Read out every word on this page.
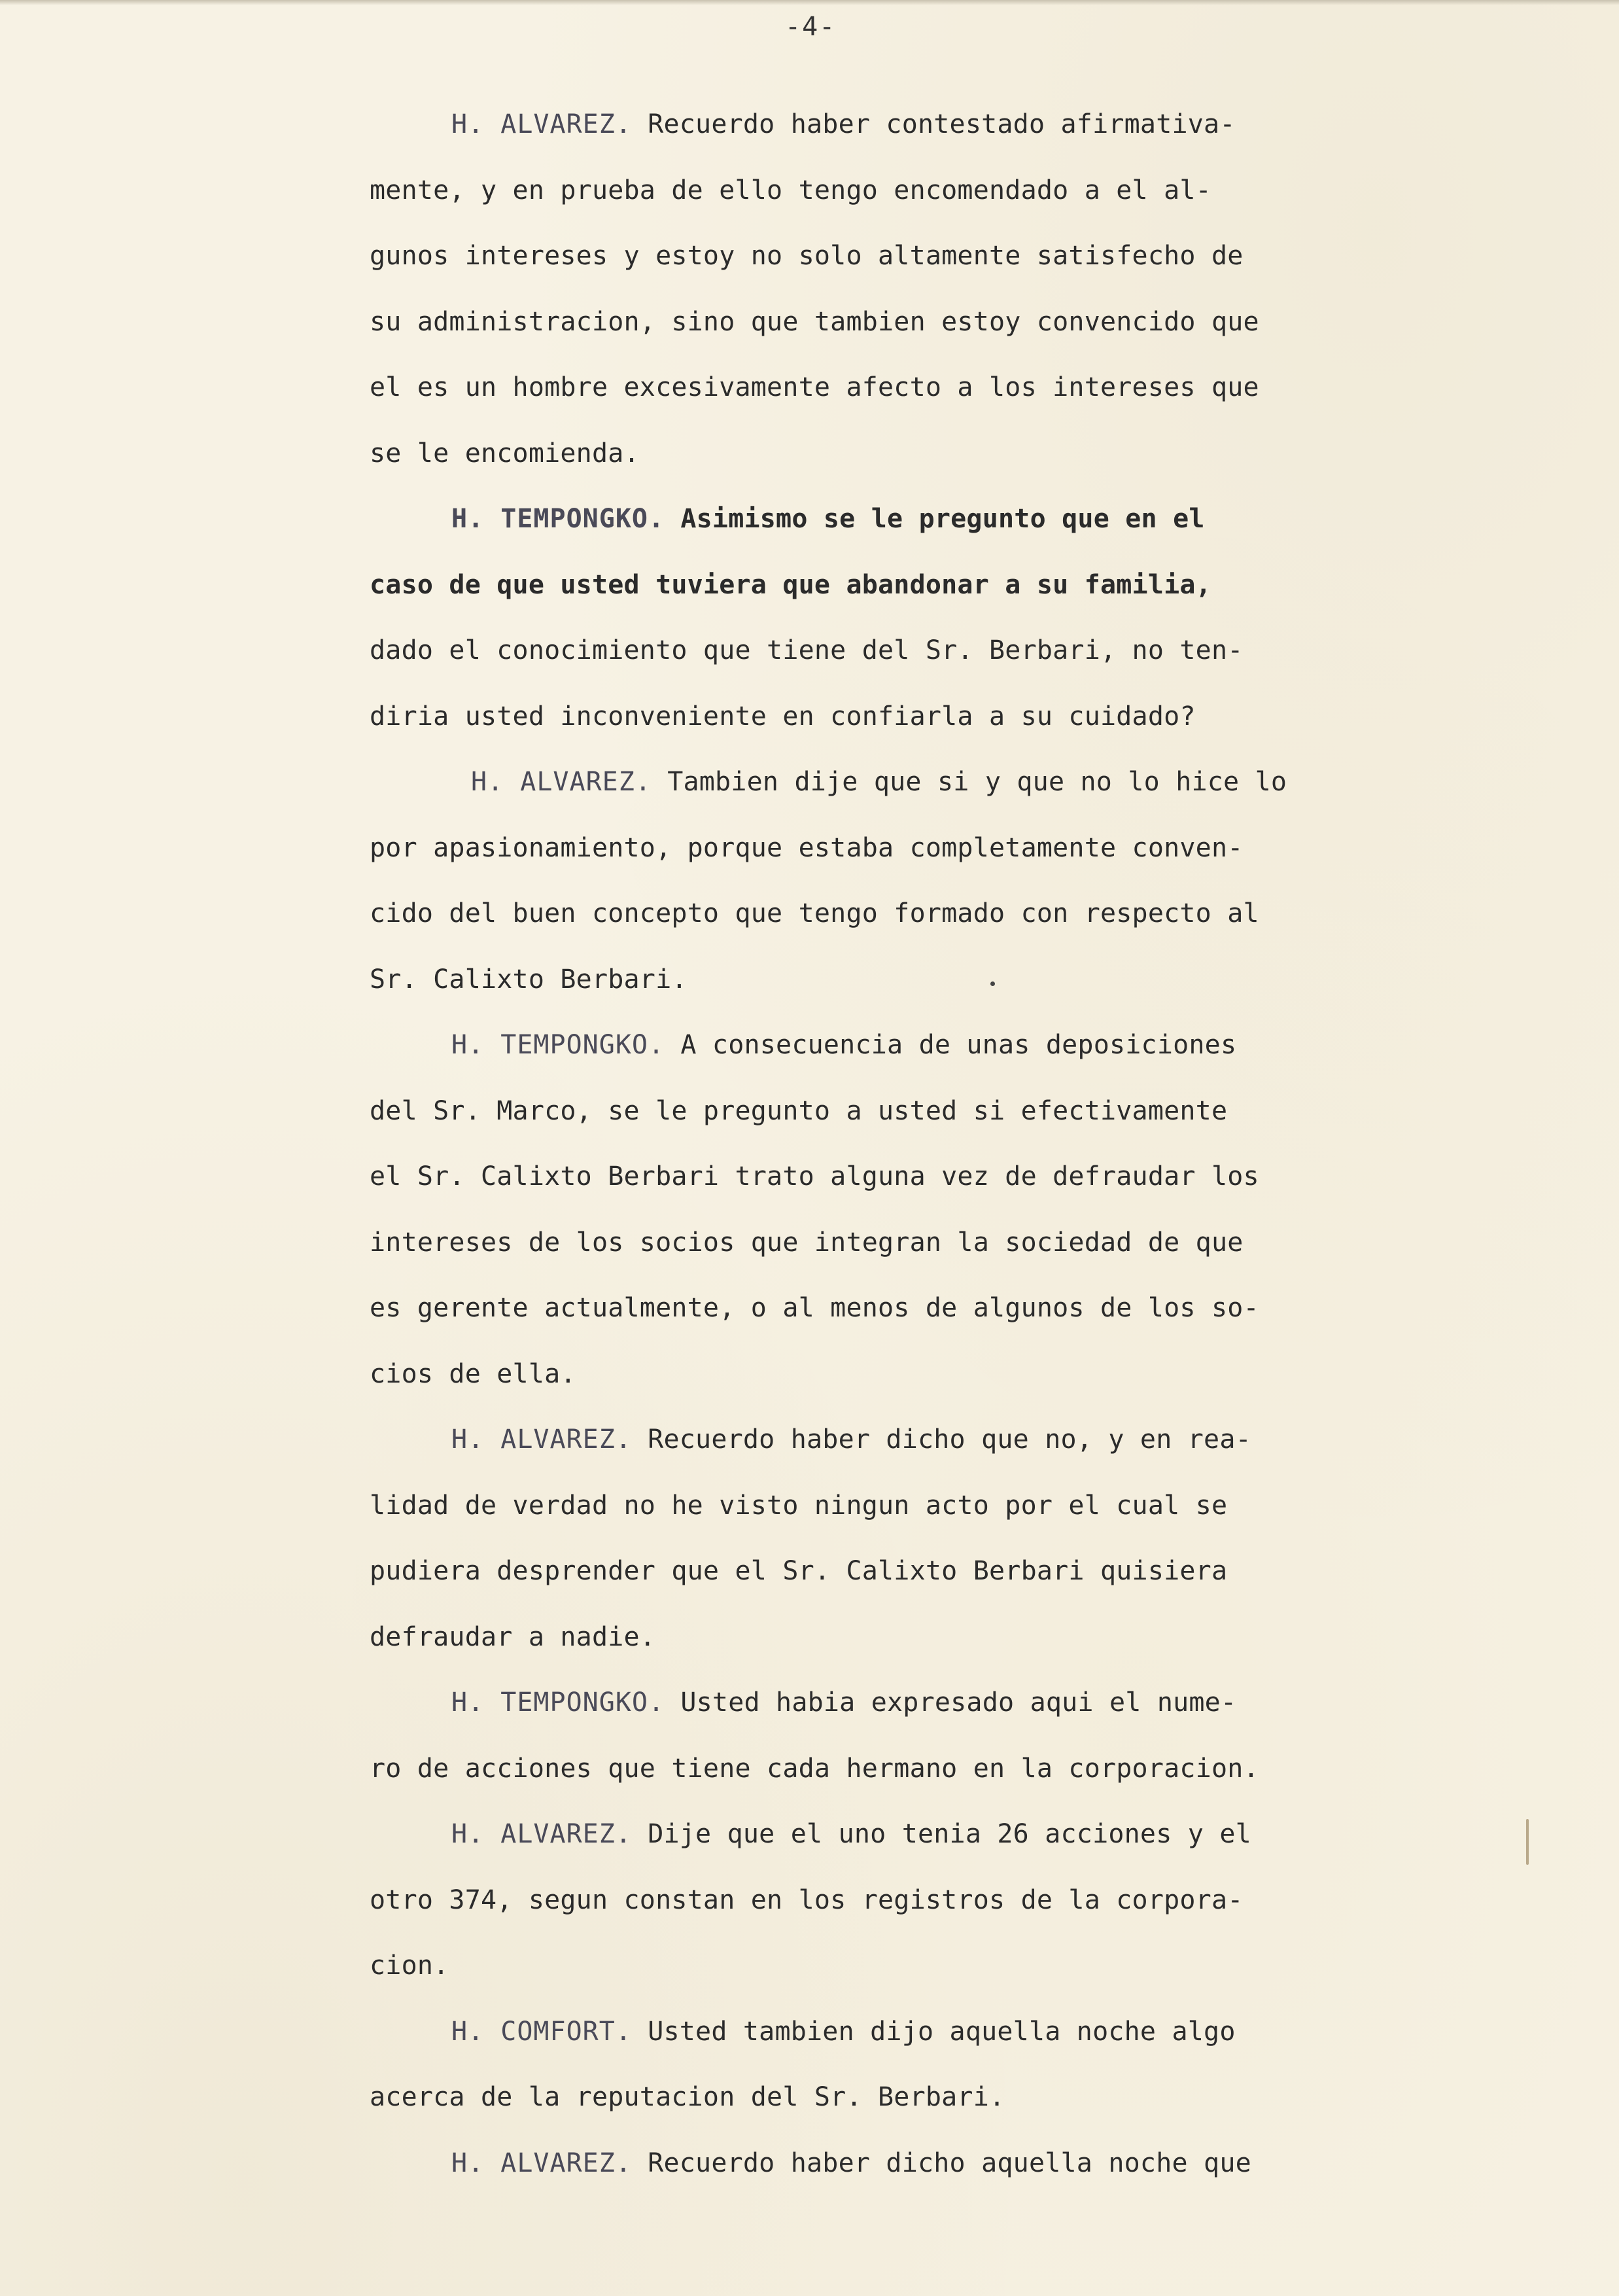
-4-
H. ALVAREZ. Recuerdo haber contestado afirmativa-
mente, y en prueba de ello tengo encomendado a el al-
gunos intereses y estoy no solo altamente satisfecho de
su administracion, sino que tambien estoy convencido que
el es un hombre excesivamente afecto a los intereses que
se le encomienda.
H. TEMPONGKO. Asimismo se le pregunto que en el
caso de que usted tuviera que abandonar a su familia,
dado el conocimiento que tiene del Sr. Berbari, no ten-
diria usted inconveniente en confiarla a su cuidado?
H. ALVAREZ. Tambien dije que si y que no lo hice lo
por apasionamiento, porque estaba completamente conven-
cido del buen concepto que tengo formado con respecto al
Sr. Calixto Berbari.
H. TEMPONGKO. A consecuencia de unas deposiciones
del Sr. Marco, se le pregunto a usted si efectivamente
el Sr. Calixto Berbari trato alguna vez de defraudar los
intereses de los socios que integran la sociedad de que
es gerente actualmente, o al menos de algunos de los so-
cios de ella.
H. ALVAREZ. Recuerdo haber dicho que no, y en rea-
lidad de verdad no he visto ningun acto por el cual se
pudiera desprender que el Sr. Calixto Berbari quisiera
defraudar a nadie.
H. TEMPONGKO. Usted habia expresado aqui el nume-
ro de acciones que tiene cada hermano en la corporacion.
H. ALVAREZ. Dije que el uno tenia 26 acciones y el
otro 374, segun constan en los registros de la corpora-
cion.
H. COMFORT. Usted tambien dijo aquella noche algo
acerca de la reputacion del Sr. Berbari.
H. ALVAREZ. Recuerdo haber dicho aquella noche que
